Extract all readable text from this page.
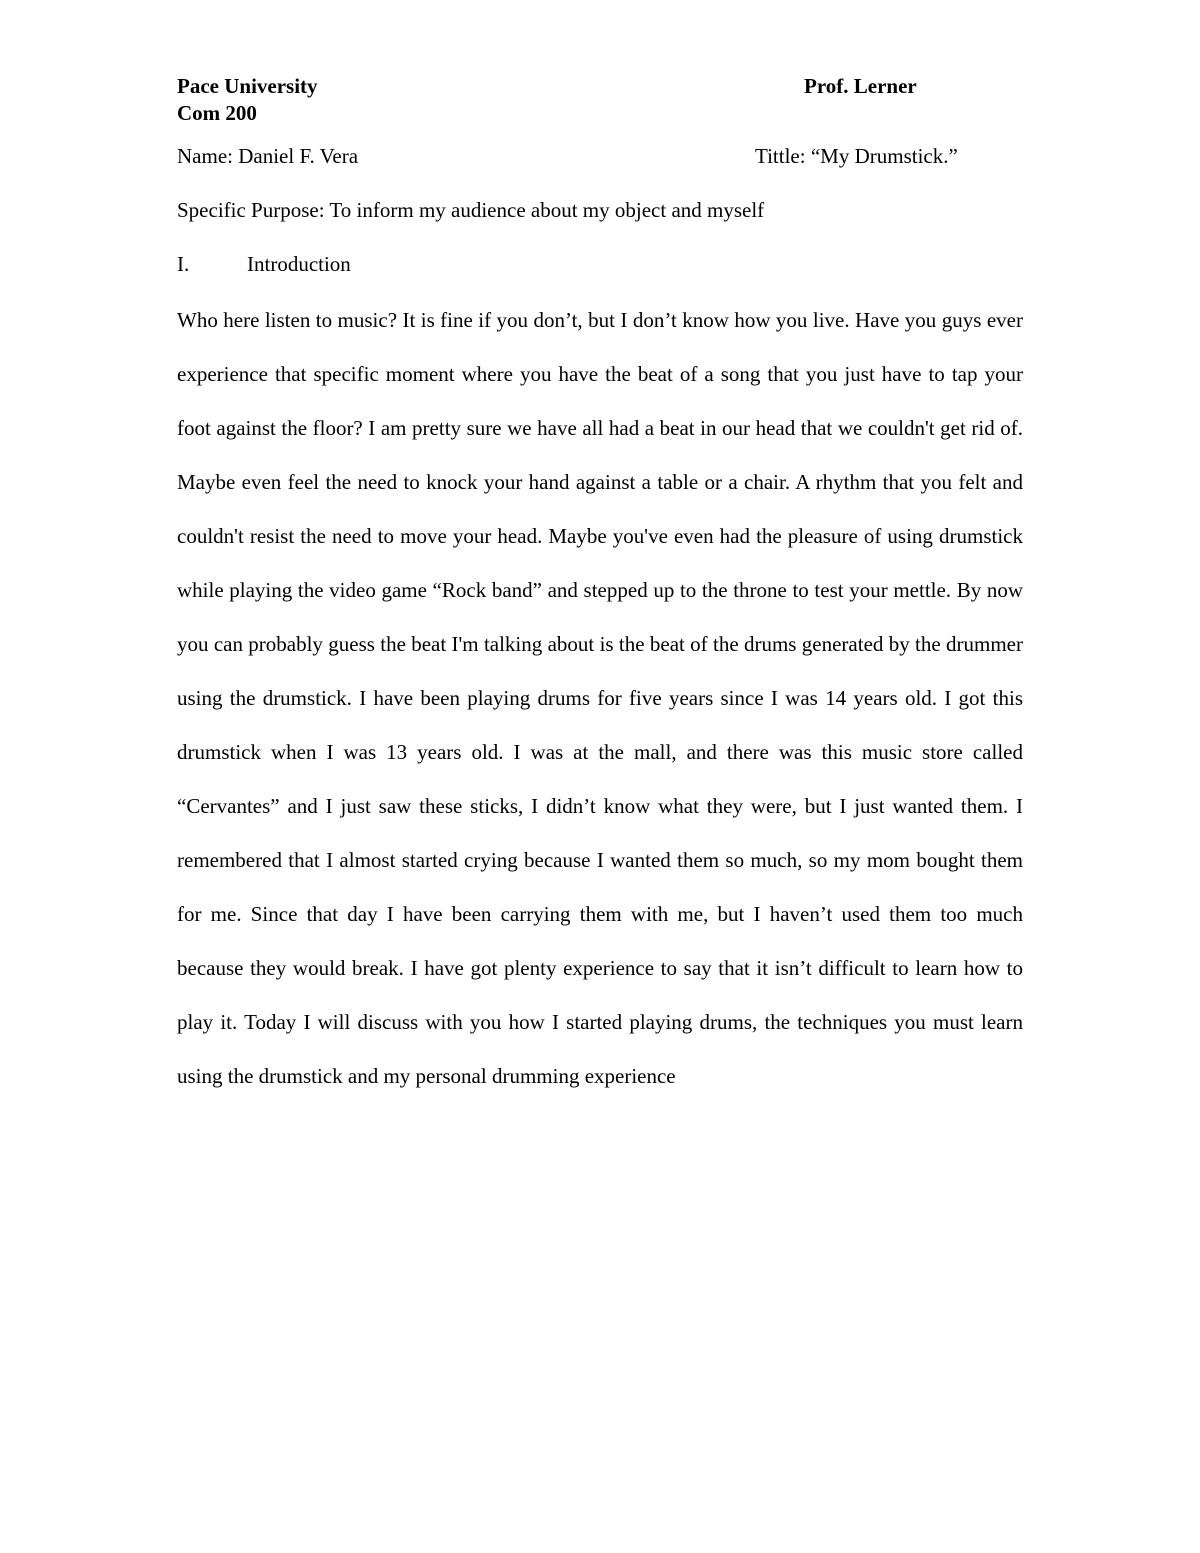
Pace University	Prof. Lerner
Com 200
Name: Daniel F. Vera	Tittle: “My Drumstick.”
Specific Purpose: To inform my audience about my object and myself
I.	Introduction

Who here listen to music? It is fine if you don’t, but I don’t know how you live. Have you guys ever experience that specific moment where you have the beat of a song that you just have to tap your foot against the floor? I am pretty sure we have all had a beat in our head that we couldn't get rid of. Maybe even feel the need to knock your hand against a table or a chair. A rhythm that you felt and couldn't resist the need to move your head. Maybe you've even had the pleasure of using drumstick while playing the video game “Rock band” and stepped up to the throne to test your mettle. By now you can probably guess the beat I'm talking about is the beat of the drums generated by the drummer using the drumstick. I have been playing drums for five years since I was 14 years old. I got this drumstick when I was 13 years old. I was at the mall, and there was this music store called “Cervantes” and I just saw these sticks, I didn’t know what they were, but I just wanted them. I remembered that I almost started crying because I wanted them so much, so my mom bought them for me. Since that day I have been carrying them with me, but I haven’t used them too much because they would break. I have got plenty experience to say that it isn’t difficult to learn how to play it. Today I will discuss with you how I started playing drums, the techniques you must learn using the drumstick and my personal drumming experience
